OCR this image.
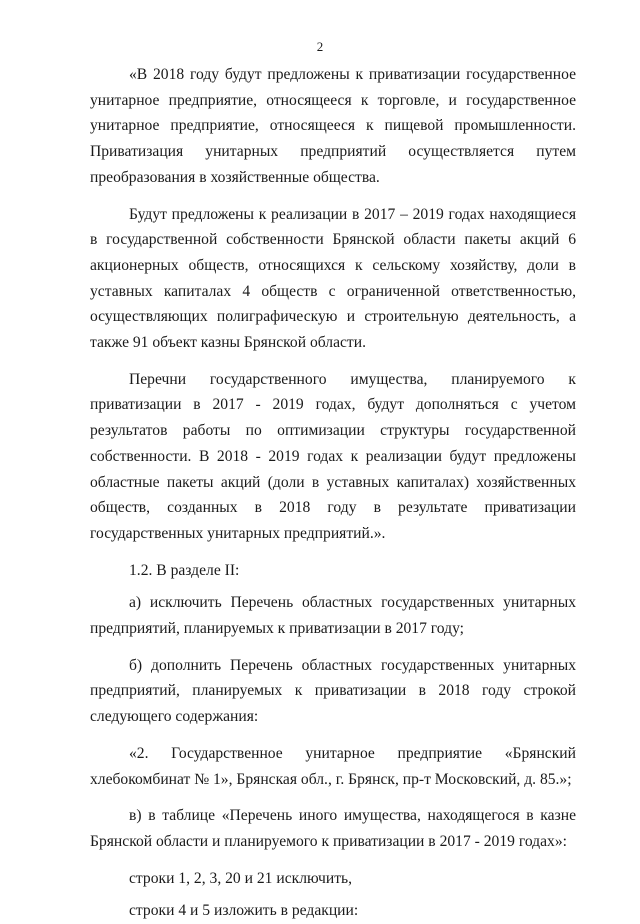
2

«В 2018 году будут предложены к приватизации государственное унитарное предприятие, относящееся к торговле, и государственное унитарное предприятие, относящееся к пищевой промышленности. Приватизация унитарных предприятий осуществляется путем преобразования в хозяйственные общества.

Будут предложены к реализации в 2017 – 2019 годах находящиеся в государственной собственности Брянской области пакеты акций 6 акционерных обществ, относящихся к сельскому хозяйству, доли в уставных капиталах 4 обществ с ограниченной ответственностью, осуществляющих полиграфическую и строительную деятельность, а также 91 объект казны Брянской области.

Перечни государственного имущества, планируемого к приватизации в 2017 - 2019 годах, будут дополняться с учетом результатов работы по оптимизации структуры государственной собственности. В 2018 - 2019 годах к реализации будут предложены областные пакеты акций (доли в уставных капиталах) хозяйственных обществ, созданных в 2018 году в результате приватизации государственных унитарных предприятий.».

1.2. В разделе II:

а) исключить Перечень областных государственных унитарных предприятий, планируемых к приватизации в 2017 году;

б) дополнить Перечень областных государственных унитарных предприятий, планируемых к приватизации в 2018 году строкой следующего содержания:

«2. Государственное унитарное предприятие «Брянский хлебокомбинат № 1», Брянская обл., г. Брянск, пр-т Московский, д. 85.»;

в) в таблице «Перечень иного имущества, находящегося в казне Брянской области и планируемого к приватизации в 2017 - 2019 годах»:

строки 1, 2, 3, 20 и 21 исключить,

строки 4 и 5 изложить в редакции:
